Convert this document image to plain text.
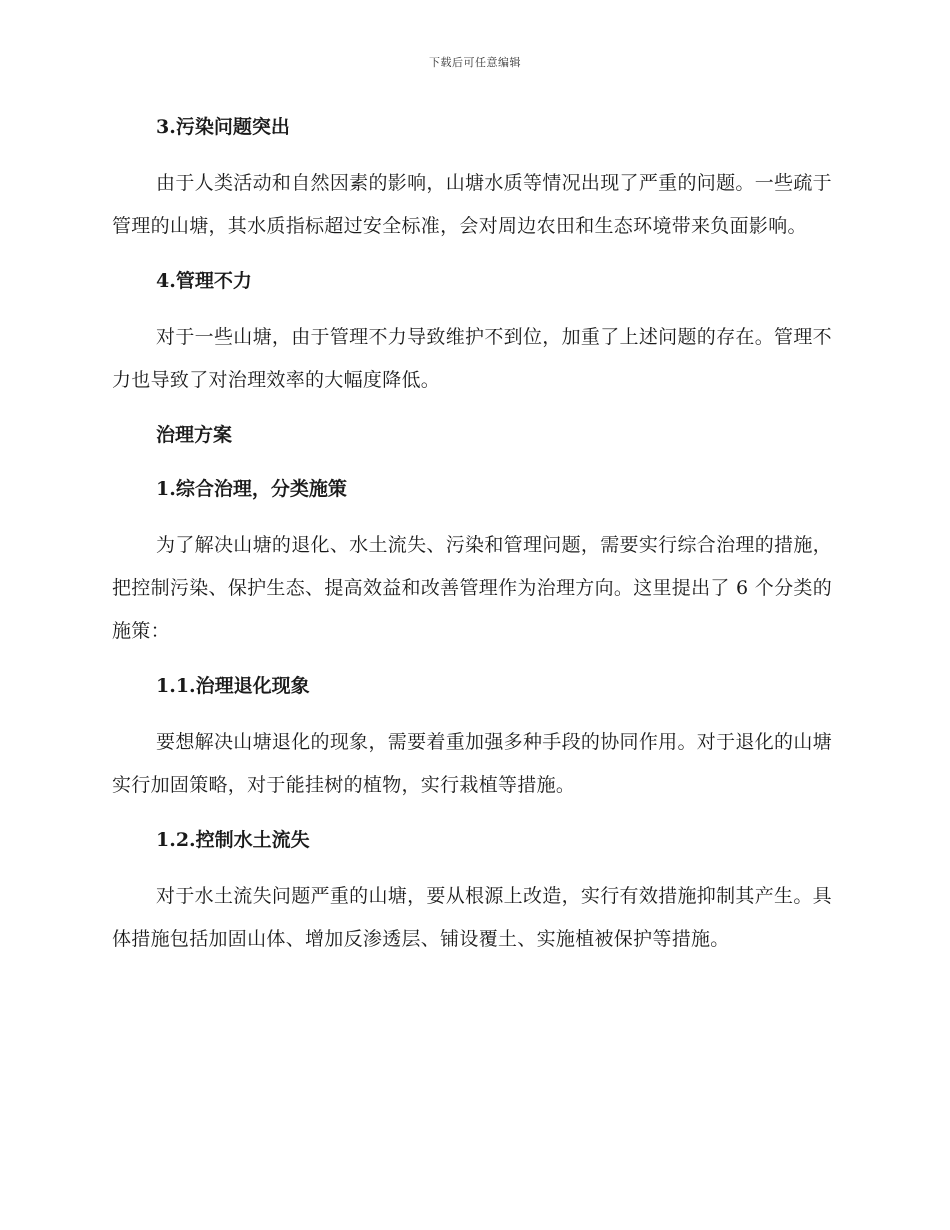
下载后可任意编辑
3.污染问题突出

由于人类活动和自然因素的影响，山塘水质等情况出现了严重的问题。一些疏于管理的山塘，其水质指标超过安全标准，会对周边农田和生态环境带来负面影响。

4.管理不力

对于一些山塘，由于管理不力导致维护不到位，加重了上述问题的存在。管理不力也导致了对治理效率的大幅度降低。

治理方案
1.综合治理，分类施策

为了解决山塘的退化、水土流失、污染和管理问题，需要实行综合治理的措施，把控制污染、保护生态、提高效益和改善管理作为治理方向。这里提出了 6 个分类的施策：

1.1.治理退化现象

要想解决山塘退化的现象，需要着重加强多种手段的协同作用。对于退化的山塘实行加固策略，对于能挂树的植物，实行栽植等措施。

1.2.控制水土流失

对于水土流失问题严重的山塘，要从根源上改造，实行有效措施抑制其产生。具体措施包括加固山体、增加反渗透层、铺设覆土、实施植被保护等措施。
